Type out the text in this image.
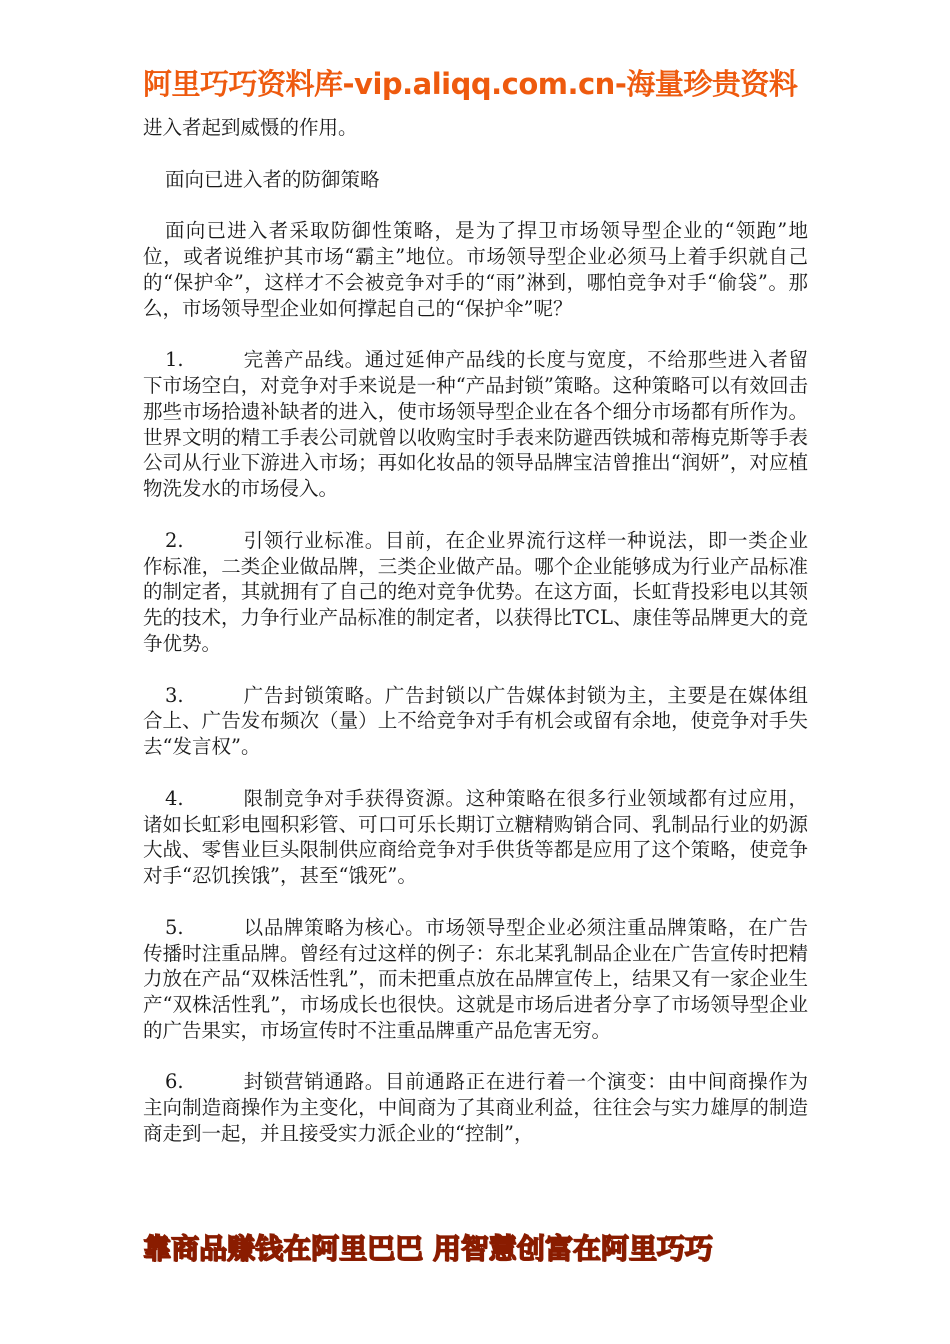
阿里巧巧资料库-vip.aliqq.com.cn-海量珍贵资料

进入者起到威慑的作用。

面向已进入者的防御策略

面向已进入者采取防御性策略，是为了捍卫市场领导型企业的“领跑”地位，或者说维护其市场“霸主”地位。市场领导型企业必须马上着手织就自己的“保护伞”，这样才不会被竞争对手的“雨”淋到，哪怕竞争对手“偷袋”。那么，市场领导型企业如何撑起自己的“保护伞”呢？

1.	完善产品线。通过延伸产品线的长度与宽度，不给那些进入者留下市场空白，对竞争对手来说是一种“产品封锁”策略。这种策略可以有效回击那些市场拾遗补缺者的进入，使市场领导型企业在各个细分市场都有所作为。世界文明的精工手表公司就曾以收购宝时手表来防避西铁城和蒂梅克斯等手表公司从行业下游进入市场；再如化妆品的领导品牌宝洁曾推出“润妍”，对应植物洗发水的市场侵入。

2.	引领行业标准。目前，在企业界流行这样一种说法，即一类企业作标准，二类企业做品牌，三类企业做产品。哪个企业能够成为行业产品标准的制定者，其就拥有了自己的绝对竞争优势。在这方面，长虹背投彩电以其领先的技术，力争行业产品标准的制定者，以获得比TCL、康佳等品牌更大的竞争优势。

3.	广告封锁策略。广告封锁以广告媒体封锁为主，主要是在媒体组合上、广告发布频次（量）上不给竞争对手有机会或留有余地，使竞争对手失去“发言权”。

4.	限制竞争对手获得资源。这种策略在很多行业领域都有过应用，诸如长虹彩电囤积彩管、可口可乐长期订立糖精购销合同、乳制品行业的奶源大战、零售业巨头限制供应商给竞争对手供货等都是应用了这个策略，使竞争对手“忍饥挨饿”，甚至“饿死”。

5.	以品牌策略为核心。市场领导型企业必须注重品牌策略，在广告传播时注重品牌。曾经有过这样的例子：东北某乳制品企业在广告宣传时把精力放在产品“双株活性乳”，而未把重点放在品牌宣传上，结果又有一家企业生产“双株活性乳”，市场成长也很快。这就是市场后进者分享了市场领导型企业的广告果实，市场宣传时不注重品牌重产品危害无穷。

6.	封锁营销通路。目前通路正在进行着一个演变：由中间商操作为主向制造商操作为主变化，中间商为了其商业利益，往往会与实力雄厚的制造商走到一起，并且接受实力派企业的“控制”，

靠商品赚钱在阿里巴巴 用智慧创富在阿里巧巧
